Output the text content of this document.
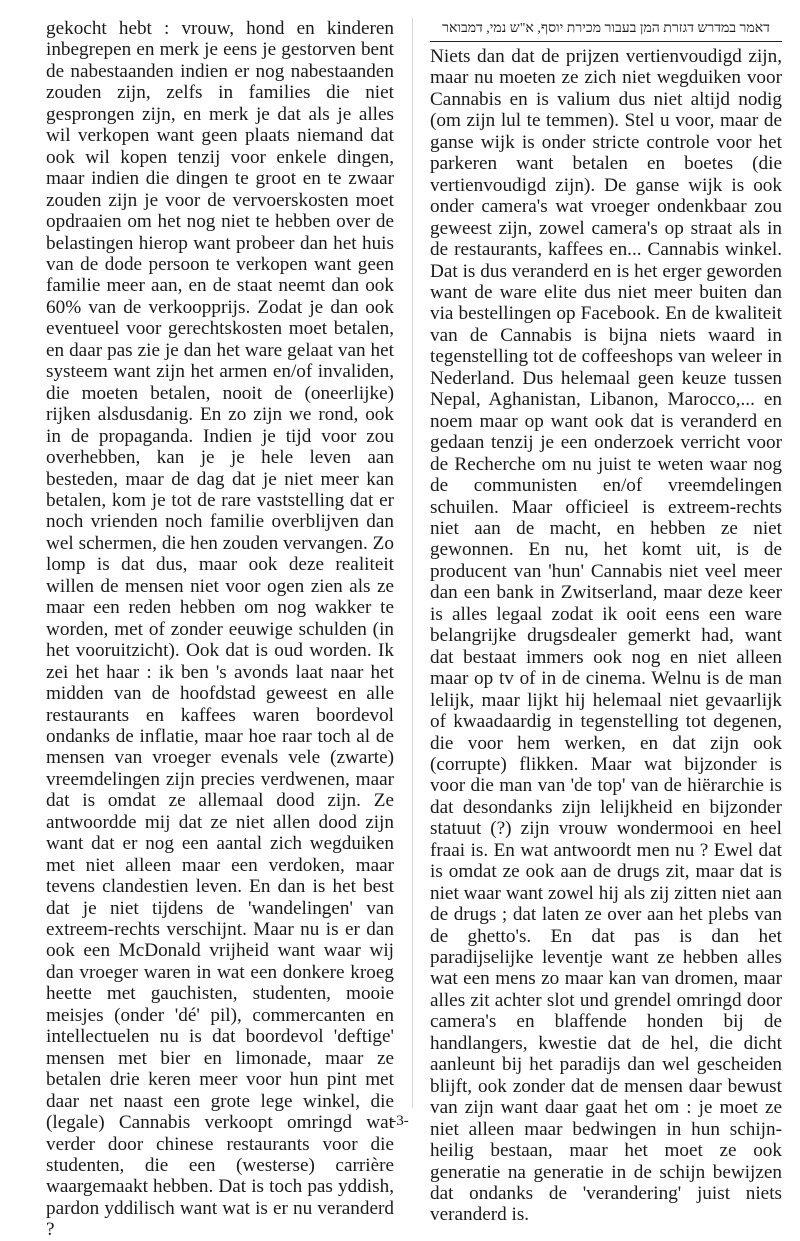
gekocht hebt : vrouw, hond en kinderen inbegrepen en merk je eens je gestorven bent de nabestaanden indien er nog nabestaanden zouden zijn, zelfs in families die niet gesprongen zijn, en merk je dat als je alles wil verkopen want geen plaats niemand dat ook wil kopen tenzij voor enkele dingen, maar indien die dingen te groot en te zwaar zouden zijn je voor de vervoerskosten moet opdraaien om het nog niet te hebben over de belastingen hierop want probeer dan het huis van de dode persoon te verkopen want geen familie meer aan, en de staat neemt dan ook 60% van de verkoopprijs. Zodat je dan ook eventueel voor gerechtskosten moet betalen, en daar pas zie je dan het ware gelaat van het systeem want zijn het armen en/of invaliden, die moeten betalen, nooit de (oneerlijke) rijken alsdusdanig. En zo zijn we rond, ook in de propaganda. Indien je tijd voor zou overhebben, kan je je hele leven aan besteden, maar de dag dat je niet meer kan betalen, kom je tot de rare vaststelling dat er noch vrienden noch familie overblijven dan wel schermen, die hen zouden vervangen. Zo lomp is dat dus, maar ook deze realiteit willen de mensen niet voor ogen zien als ze maar een reden hebben om nog wakker te worden, met of zonder eeuwige schulden (in het vooruitzicht). Ook dat is oud worden. Ik zei het haar : ik ben 's avonds laat naar het midden van de hoofdstad geweest en alle restaurants en kaffees waren boordevol ondanks de inflatie, maar hoe raar toch al de mensen van vroeger evenals vele (zwarte) vreemdelingen zijn precies verdwenen, maar dat is omdat ze allemaal dood zijn. Ze antwoordde mij dat ze niet allen dood zijn want dat er nog een aantal zich wegduiken met niet alleen maar een verdoken, maar tevens clandestien leven. En dan is het best dat je niet tijdens de 'wandelingen' van extreem-rechts verschijnt. Maar nu is er dan ook een McDonald vrijheid want waar wij dan vroeger waren in wat een donkere kroeg heette met gauchisten, studenten, mooie meisjes (onder 'dé' pil), commercanten en intellectuelen nu is dat boordevol 'deftige' mensen met bier en limonade, maar ze betalen drie keren meer voor hun pint met daar net naast een grote lege winkel, die (legale) Cannabis verkoopt omringd wat verder door chinese restaurants voor die studenten, die een (westerse) carrière waargemaakt hebben. Dat is toch pas yddish, pardon yddilisch want wat is er nu veranderd ?
דאמר במדרש דגזרת המן בעבור מכירת יוסף, א"ש נמי, דמבואר
Niets dan dat de prijzen vertienvoudigd zijn, maar nu moeten ze zich niet wegduiken voor Cannabis en is valium dus niet altijd nodig (om zijn lul te temmen). Stel u voor, maar de ganse wijk is onder stricte controle voor het parkeren want betalen en boetes (die vertienvoudigd zijn). De ganse wijk is ook onder camera's wat vroeger ondenkbaar zou geweest zijn, zowel camera's op straat als in de restaurants, kaffees en... Cannabis winkel. Dat is dus veranderd en is het erger geworden want de ware elite dus niet meer buiten dan via bestellingen op Facebook. En de kwaliteit van de Cannabis is bijna niets waard in tegenstelling tot de coffeeshops van weleer in Nederland. Dus helemaal geen keuze tussen Nepal, Aghanistan, Libanon, Marocco,... en noem maar op want ook dat is veranderd en gedaan tenzij je een onderzoek verricht voor de Recherche om nu juist te weten waar nog de communisten en/of vreemdelingen schuilen. Maar officieel is extreem-rechts niet aan de macht, en hebben ze niet gewonnen. En nu, het komt uit, is de producent van 'hun' Cannabis niet veel meer dan een bank in Zwitserland, maar deze keer is alles legaal zodat ik ooit eens een ware belangrijke drugsdealer gemerkt had, want dat bestaat immers ook nog en niet alleen maar op tv of in de cinema. Welnu is de man lelijk, maar lijkt hij helemaal niet gevaarlijk of kwaadaardig in tegenstelling tot degenen, die voor hem werken, en dat zijn ook (corrupte) flikken. Maar wat bijzonder is voor die man van 'de top' van de hiërarchie is dat desondanks zijn lelijkheid en bijzonder statuut (?) zijn vrouw wondermooi en heel fraai is. En wat antwoordt men nu ? Ewel dat is omdat ze ook aan de drugs zit, maar dat is niet waar want zowel hij als zij zitten niet aan de drugs ; dat laten ze over aan het plebs van de ghetto's. En dat pas is dan het paradijselijke leventje want ze hebben alles wat een mens zo maar kan van dromen, maar alles zit achter slot und grendel omringd door camera's en blaffende honden bij de handlangers, kwestie dat de hel, die dicht aanleunt bij het paradijs dan wel gescheiden blijft, ook zonder dat de mensen daar bewust van zijn want daar gaat het om : je moet ze niet alleen maar bedwingen in hun schijn-heilig bestaan, maar het moet ze ook generatie na generatie in de schijn bewijzen dat ondanks de 'verandering' juist niets veranderd is.
-3-
